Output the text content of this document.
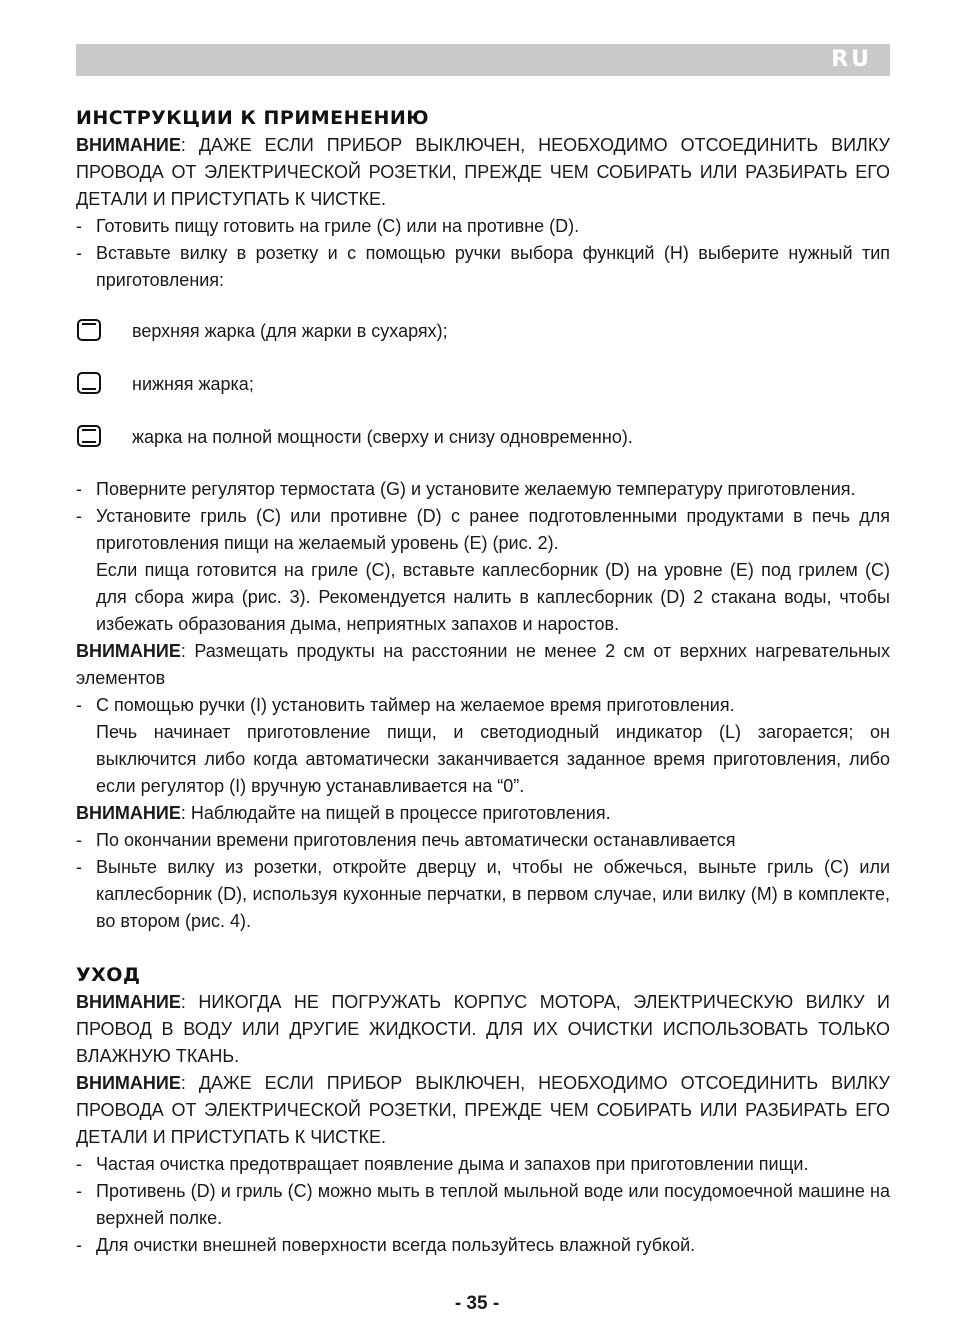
RU
ИНСТРУКЦИИ К ПРИМЕНЕНИЮ

ВНИМАНИЕ: ДАЖЕ ЕСЛИ ПРИБОР ВЫКЛЮЧЕН, НЕОБХОДИМО ОТСОЕДИНИТЬ ВИЛКУ ПРОВОДА ОТ ЭЛЕКТРИЧЕСКОЙ РОЗЕТКИ, ПРЕЖДЕ ЧЕМ СОБИРАТЬ ИЛИ РАЗБИРАТЬ ЕГО ДЕТАЛИ И ПРИСТУПАТЬ К ЧИСТКЕ.

- Готовить пищу готовить на гриле (C) или на противне (D).
- Вставьте вилку в розетку и с помощью ручки выбора функций (H) выберите нужный тип приготовления:
верхняя жарка (для жарки в сухарях);
нижняя жарка;
жарка на полной мощности (сверху и снизу одновременно).
- Поверните регулятор термостата (G) и установите желаемую температуру приготовления.
- Установите гриль (C) или противне (D) с ранее подготовленными продуктами в печь для приготовления пищи на желаемый уровень (E) (рис. 2).
Если пища готовится на гриле (C), вставьте каплесборник (D) на уровне (E) под грилем (C) для сбора жира (рис. 3). Рекомендуется налить в каплесборник (D) 2 стакана воды, чтобы избежать образования дыма, неприятных запахов и наростов.

ВНИМАНИЕ: Размещать продукты на расстоянии не менее 2 см от верхних нагревательных элементов

- С помощью ручки (I) установить таймер на желаемое время приготовления.
Печь начинает приготовление пищи, и светодиодный индикатор (L) загорается; он выключится либо когда автоматически заканчивается заданное время приготовления, либо если регулятор (I) вручную устанавливается на “0”.

ВНИМАНИЕ: Наблюдайте на пищей в процессе приготовления.

- По окончании времени приготовления печь автоматически останавливается
- Выньте вилку из розетки, откройте дверцу и, чтобы не обжечься, выньте гриль (C) или каплесборник (D), используя кухонные перчатки, в первом случае, или вилку (M) в комплекте, во втором (рис. 4).
УХОД

ВНИМАНИЕ: НИКОГДА НЕ ПОГРУЖАТЬ КОРПУС МОТОРА, ЭЛЕКТРИЧЕСКУЮ ВИЛКУ И ПРОВОД В ВОДУ ИЛИ ДРУГИЕ ЖИДКОСТИ. ДЛЯ ИХ ОЧИСТКИ ИСПОЛЬЗОВАТЬ ТОЛЬКО ВЛАЖНУЮ ТКАНЬ.

ВНИМАНИЕ: ДАЖЕ ЕСЛИ ПРИБОР ВЫКЛЮЧЕН, НЕОБХОДИМО ОТСОЕДИНИТЬ ВИЛКУ ПРОВОДА ОТ ЭЛЕКТРИЧЕСКОЙ РОЗЕТКИ, ПРЕЖДЕ ЧЕМ СОБИРАТЬ ИЛИ РАЗБИРАТЬ ЕГО ДЕТАЛИ И ПРИСТУПАТЬ К ЧИСТКЕ.

- Частая очистка предотвращает появление дыма и запахов при приготовлении пищи.
- Противень (D) и гриль (C) можно мыть в теплой мыльной воде или посудомоечной машине на верхней полке.
- Для очистки внешней поверхности всегда пользуйтесь влажной губкой.
- 35 -
